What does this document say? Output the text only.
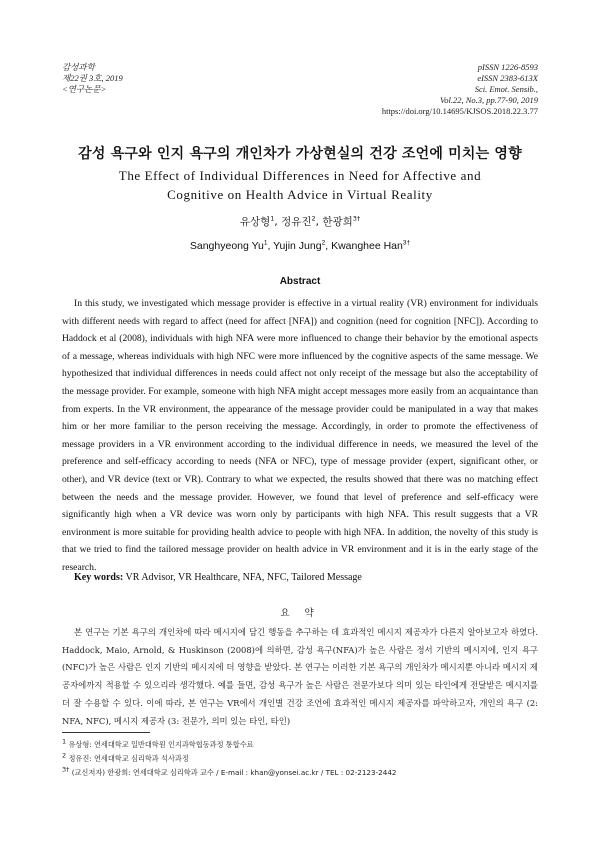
감성과학
제22권 3호, 2019
<연구논문>
pISSN 1226-8593
eISSN 2383-613X
Sci. Emot. Sensib.,
Vol.22, No.3, pp.77-90, 2019
https://doi.org/10.14695/KJSOS.2018.22.3.77
감성 욕구와 인지 욕구의 개인차가 가상현실의 건강 조언에 미치는 영향
The Effect of Individual Differences in Need for Affective and
Cognitive on Health Advice in Virtual Reality
유상형$^1$, 정유진$^2$, 한광희$^{3\dagger}$
Sanghyeong Yu$^1$, Yujin Jung$^2$, Kwanghee Han$^{3\dagger}$
Abstract

In this study, we investigated which message provider is effective in a virtual reality (VR) environment for individuals with different needs with regard to affect (need for affect [NFA]) and cognition (need for cognition [NFC]). According to Haddock et al (2008), individuals with high NFA were more influenced to change their behavior by the emotional aspects of a message, whereas individuals with high NFC were more influenced by the cognitive aspects of the same message. We hypothesized that individual differences in needs could affect not only receipt of the message but also the acceptability of the message provider. For example, someone with high NFA might accept messages more easily from an acquaintance than from experts. In the VR environment, the appearance of the message provider could be manipulated in a way that makes him or her more familiar to the person receiving the message. Accordingly, in order to promote the effectiveness of message providers in a VR environment according to the individual difference in needs, we measured the level of the preference and self-efficacy according to needs (NFA or NFC), type of message provider (expert, significant other, or other), and VR device (text or VR). Contrary to what we expected, the results showed that there was no matching effect between the needs and the message provider. However, we found that level of preference and self-efficacy were significantly high when a VR device was worn only by participants with high NFA. This result suggests that a VR environment is more suitable for providing health advice to people with high NFA. In addition, the novelty of this study is that we tried to find the tailored message provider on health advice in VR environment and it is in the early stage of the research.

Key words: VR Advisor, VR Healthcare, NFA, NFC, Tailored Message
요 약

본 연구는 기본 욕구의 개인차에 따라 메시지에 담긴 행동을 추구하는 데 효과적인 메시지 제공자가 다른지 알아보고자 하였다. Haddock, Maio, Arnold, & Huskinson (2008)에 의하면, 감성 욕구(NFA)가 높은 사람은 정서 기반의 메시지에, 인지 욕구(NFC)가 높은 사람은 인지 기반의 메시지에 더 영향을 받았다. 본 연구는 이러한 기본 욕구의 개인차가 메시지뿐 아니라 메시지 제공자에까지 적용할 수 있으리라 생각했다. 예를 들면, 감성 욕구가 높은 사람은 전문가보다 의미 있는 타인에게 전달받은 메시지를 더 잘 수용할 수 있다. 이에 따라, 본 연구는 VR에서 개인별 건강 조언에 효과적인 메시지 제공자를 파악하고자, 개인의 욕구 (2: NFA, NFC), 메시지 제공자 (3: 전문가, 의미 있는 타인, 타인)

$^1$ 유상형: 연세대학교 일반대학원 인지과학협동과정 통합수료
$^2$ 정유진: 연세대학교 심리학과 석사과정
$^{3\dagger}$ (교신저자) 한광희: 연세대학교 심리학과 교수 / E-mail : khan@yonsei.ac.kr / TEL : 02-2123-2442
